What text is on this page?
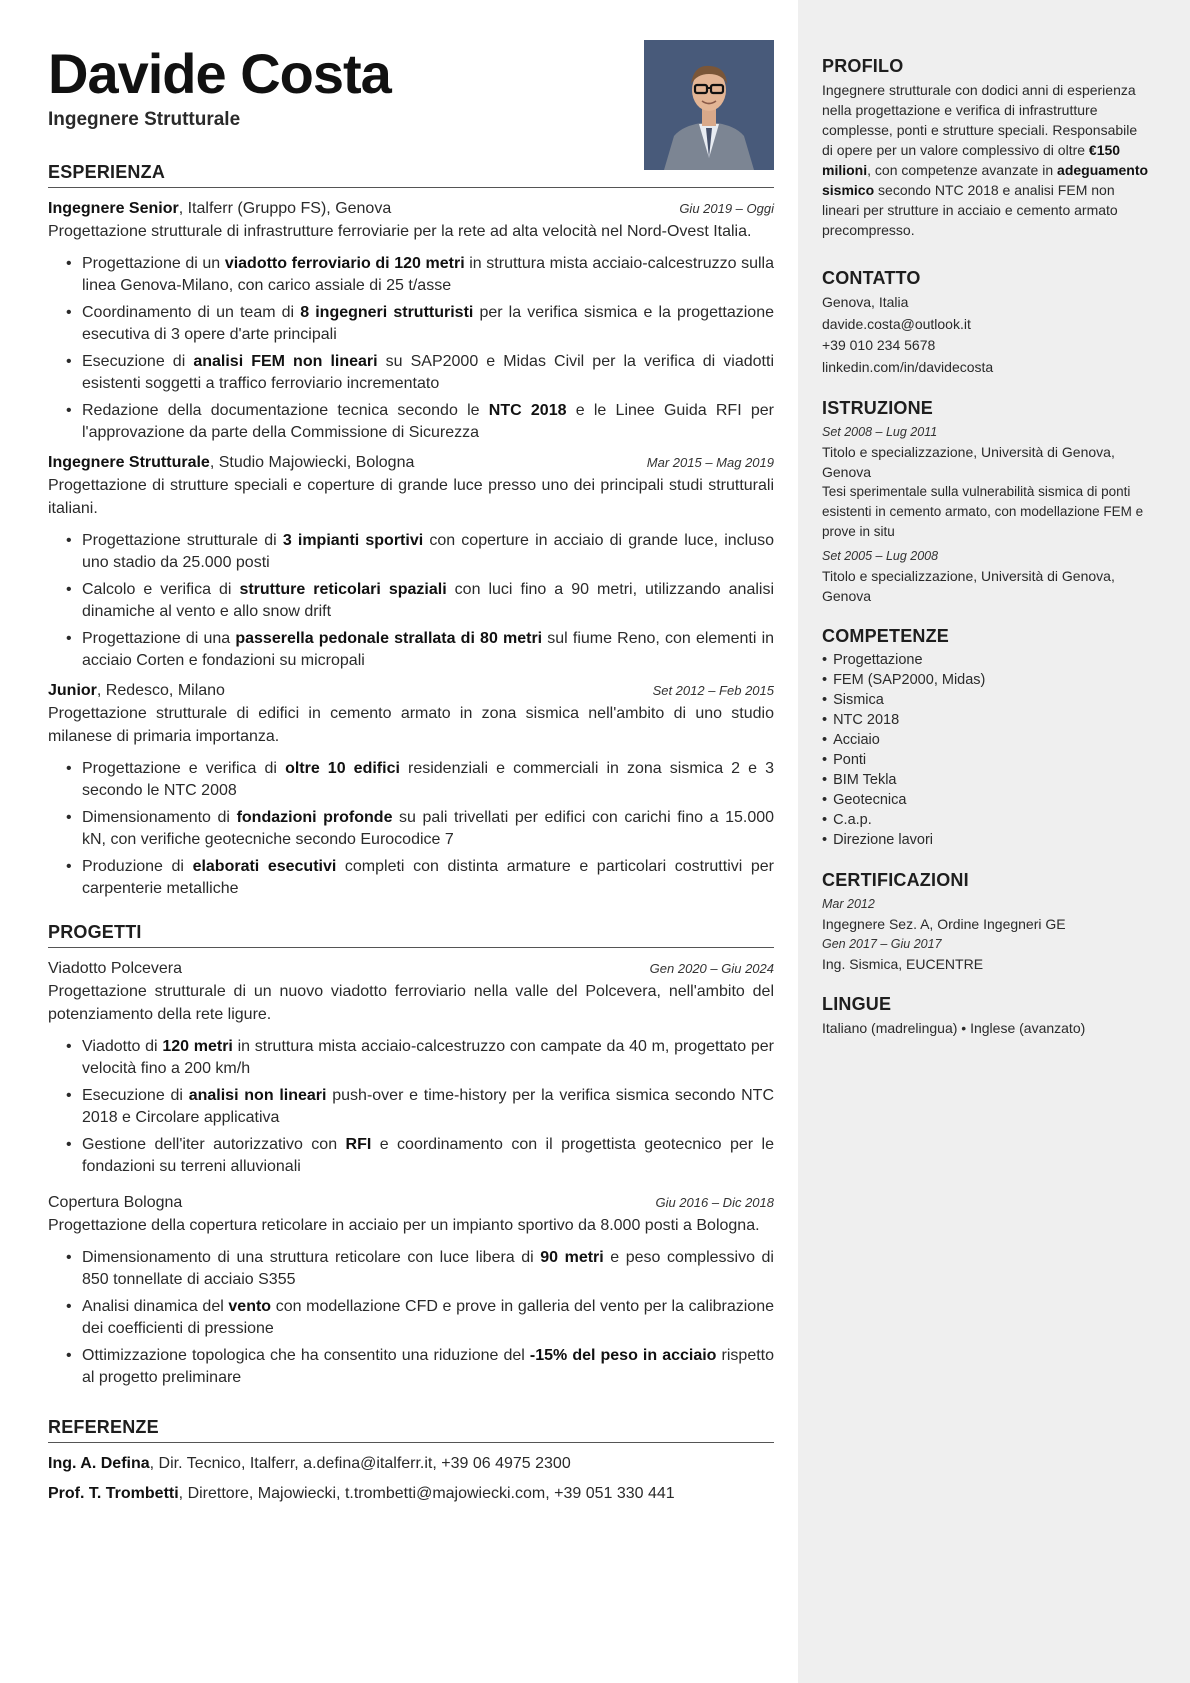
Davide Costa
Ingegnere Strutturale
ESPERIENZA
Ingegnere Senior, Italferr (Gruppo FS), Genova	Giu 2019 – Oggi
Progettazione strutturale di infrastrutture ferroviarie per la rete ad alta velocità nel Nord-Ovest Italia.
• Progettazione di un viadotto ferroviario di 120 metri in struttura mista acciaio-calcestruzzo sulla linea Genova-Milano, con carico assiale di 25 t/asse
• Coordinamento di un team di 8 ingegneri strutturisti per la verifica sismica e la progettazione esecutiva di 3 opere d'arte principali
• Esecuzione di analisi FEM non lineari su SAP2000 e Midas Civil per la verifica di viadotti esistenti soggetti a traffico ferroviario incrementato
• Redazione della documentazione tecnica secondo le NTC 2018 e le Linee Guida RFI per l'approvazione da parte della Commissione di Sicurezza
Ingegnere Strutturale, Studio Majowiecki, Bologna	Mar 2015 – Mag 2019
Progettazione di strutture speciali e coperture di grande luce presso uno dei principali studi strutturali italiani.
• Progettazione strutturale di 3 impianti sportivi con coperture in acciaio di grande luce, incluso uno stadio da 25.000 posti
• Calcolo e verifica di strutture reticolari spaziali con luci fino a 90 metri, utilizzando analisi dinamiche al vento e allo snow drift
• Progettazione di una passerella pedonale strallata di 80 metri sul fiume Reno, con elementi in acciaio Corten e fondazioni su micropali
Junior, Redesco, Milano	Set 2012 – Feb 2015
Progettazione strutturale di edifici in cemento armato in zona sismica nell'ambito di uno studio milanese di primaria importanza.
• Progettazione e verifica di oltre 10 edifici residenziali e commerciali in zona sismica 2 e 3 secondo le NTC 2008
• Dimensionamento di fondazioni profonde su pali trivellati per edifici con carichi fino a 15.000 kN, con verifiche geotecniche secondo Eurocodice 7
• Produzione di elaborati esecutivi completi con distinta armature e particolari costruttivi per carpenterie metalliche
PROGETTI
Viadotto Polcevera	Gen 2020 – Giu 2024
Progettazione strutturale di un nuovo viadotto ferroviario nella valle del Polcevera, nell'ambito del potenziamento della rete ligure.
• Viadotto di 120 metri in struttura mista acciaio-calcestruzzo con campate da 40 m, progettato per velocità fino a 200 km/h
• Esecuzione di analisi non lineari push-over e time-history per la verifica sismica secondo NTC 2018 e Circolare applicativa
• Gestione dell'iter autorizzativo con RFI e coordinamento con il progettista geotecnico per le fondazioni su terreni alluvionali
Copertura Bologna	Giu 2016 – Dic 2018
Progettazione della copertura reticolare in acciaio per un impianto sportivo da 8.000 posti a Bologna.
• Dimensionamento di una struttura reticolare con luce libera di 90 metri e peso complessivo di 850 tonnellate di acciaio S355
• Analisi dinamica del vento con modellazione CFD e prove in galleria del vento per la calibrazione dei coefficienti di pressione
• Ottimizzazione topologica che ha consentito una riduzione del -15% del peso in acciaio rispetto al progetto preliminare
REFERENZE
Ing. A. Defina, Dir. Tecnico, Italferr, a.defina@italferr.it, +39 06 4975 2300
Prof. T. Trombetti, Direttore, Majowiecki, t.trombetti@majowiecki.com, +39 051 330 441
PROFILO
Ingegnere strutturale con dodici anni di esperienza nella progettazione e verifica di infrastrutture complesse, ponti e strutture speciali. Responsabile di opere per un valore complessivo di oltre €150 milioni, con competenze avanzate in adeguamento sismico secondo NTC 2018 e analisi FEM non lineari per strutture in acciaio e cemento armato precompresso.
CONTATTO
Genova, Italia
davide.costa@outlook.it
+39 010 234 5678
linkedin.com/in/davidecosta
ISTRUZIONE
Set 2008 – Lug 2011
Titolo e specializzazione, Università di Genova, Genova
Tesi sperimentale sulla vulnerabilità sismica di ponti esistenti in cemento armato, con modellazione FEM e prove in situ
Set 2005 – Lug 2008
Titolo e specializzazione, Università di Genova, Genova
COMPETENZE
• Progettazione
• FEM (SAP2000, Midas)
• Sismica
• NTC 2018
• Acciaio
• Ponti
• BIM Tekla
• Geotecnica
• C.a.p.
• Direzione lavori
CERTIFICAZIONI
Mar 2012
Ingegnere Sez. A, Ordine Ingegneri GE
Gen 2017 – Giu 2017
Ing. Sismica, EUCENTRE
LINGUE
Italiano (madrelingua) • Inglese (avanzato)
